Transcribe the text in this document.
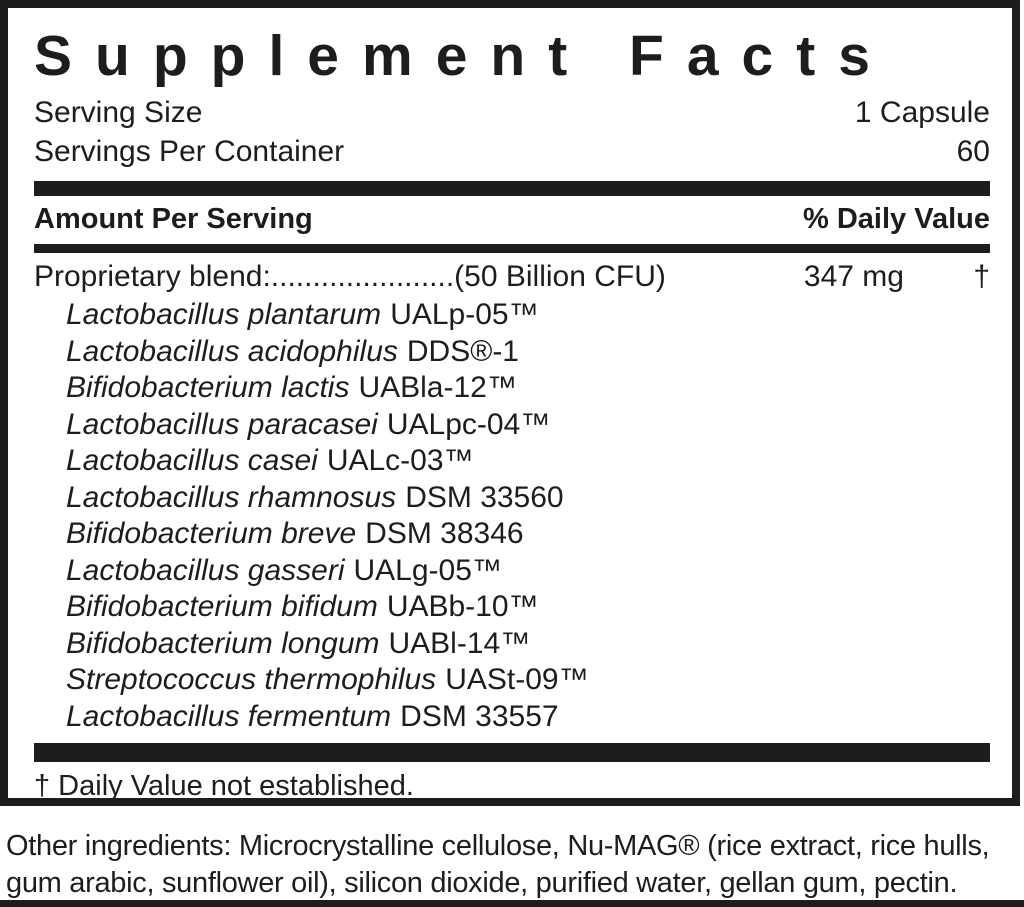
Supplement Facts
Serving Size	1 Capsule
Servings Per Container	60
Amount Per Serving	% Daily Value
Proprietary blend:......................(50 Billion CFU)	347 mg	†
Lactobacillus plantarum UALp-05™
Lactobacillus acidophilus DDS®-1
Bifidobacterium lactis UABla-12™
Lactobacillus paracasei UALpc-04™
Lactobacillus casei UALc-03™
Lactobacillus rhamnosus DSM 33560
Bifidobacterium breve DSM 38346
Lactobacillus gasseri UALg-05™
Bifidobacterium bifidum UABb-10™
Bifidobacterium longum UABl-14™
Streptococcus thermophilus UASt-09™
Lactobacillus fermentum DSM 33557
† Daily Value not established.
Other ingredients: Microcrystalline cellulose, Nu-MAG® (rice extract, rice hulls, gum arabic, sunflower oil), silicon dioxide, purified water, gellan gum, pectin.
